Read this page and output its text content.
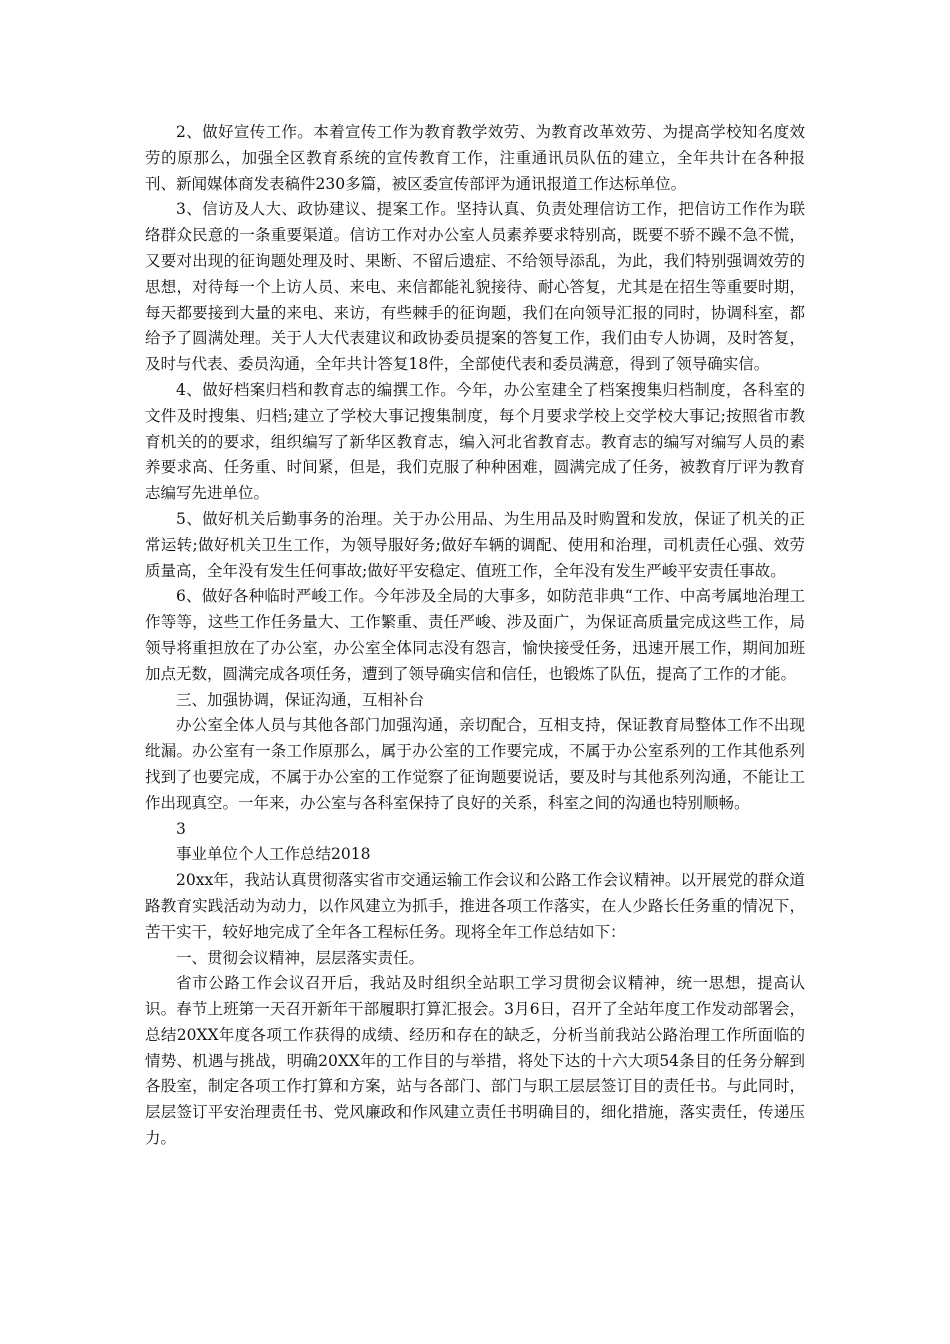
2、做好宣传工作。本着宣传工作为教育教学效劳、为教育改革效劳、为提高学校知名度效劳的原那么，加强全区教育系统的宣传教育工作，注重通讯员队伍的建立，全年共计在各种报刊、新闻媒体商发表稿件230多篇，被区委宣传部评为通讯报道工作达标单位。

3、信访及人大、政协建议、提案工作。坚持认真、负责处理信访工作，把信访工作作为联络群众民意的一条重要渠道。信访工作对办公室人员素养要求特别高，既要不骄不躁不急不慌，又要对出现的征询题处理及时、果断、不留后遗症、不给领导添乱，为此，我们特别强调效劳的思想，对待每一个上访人员、来电、来信都能礼貌接待、耐心答复，尤其是在招生等重要时期，每天都要接到大量的来电、来访，有些棘手的征询题，我们在向领导汇报的同时，协调科室，都给予了圆满处理。关于人大代表建议和政协委员提案的答复工作，我们由专人协调，及时答复，及时与代表、委员沟通，全年共计答复18件，全部使代表和委员满意，得到了领导确实信。

4、做好档案归档和教育志的编撰工作。今年，办公室建全了档案搜集归档制度，各科室的文件及时搜集、归档;建立了学校大事记搜集制度，每个月要求学校上交学校大事记;按照省市教育机关的的要求，组织编写了新华区教育志，编入河北省教育志。教育志的编写对编写人员的素养要求高、任务重、时间紧，但是，我们克服了种种困难，圆满完成了任务，被教育厅评为教育志编写先进单位。

5、做好机关后勤事务的治理。关于办公用品、为生用品及时购置和发放，保证了机关的正常运转;做好机关卫生工作，为领导服好务;做好车辆的调配、使用和治理，司机责任心强、效劳质量高，全年没有发生任何事故;做好平安稳定、值班工作，全年没有发生严峻平安责任事故。

6、做好各种临时严峻工作。今年涉及全局的大事多，如防范非典“工作、中高考属地治理工作等等，这些工作任务量大、工作繁重、责任严峻、涉及面广，为保证高质量完成这些工作，局领导将重担放在了办公室，办公室全体同志没有怨言，愉快接受任务，迅速开展工作，期间加班加点无数，圆满完成各项任务，遭到了领导确实信和信任，也锻炼了队伍，提高了工作的才能。

三、加强协调，保证沟通，互相补台

办公室全体人员与其他各部门加强沟通，亲切配合，互相支持，保证教育局整体工作不出现纰漏。办公室有一条工作原那么，属于办公室的工作要完成，不属于办公室系列的工作其他系列找到了也要完成，不属于办公室的工作觉察了征询题要说话，要及时与其他系列沟通，不能让工作出现真空。一年来，办公室与各科室保持了良好的关系，科室之间的沟通也特别顺畅。

3

事业单位个人工作总结2018

20xx年，我站认真贯彻落实省市交通运输工作会议和公路工作会议精神。以开展党的群众道路教育实践活动为动力，以作风建立为抓手，推进各项工作落实，在人少路长任务重的情况下，苦干实干，较好地完成了全年各工程标任务。现将全年工作总结如下：

一、贯彻会议精神，层层落实责任。

省市公路工作会议召开后，我站及时组织全站职工学习贯彻会议精神，统一思想，提高认识。春节上班第一天召开新年干部履职打算汇报会。3月6日，召开了全站年度工作发动部署会，总结20XX年度各项工作获得的成绩、经历和存在的缺乏，分析当前我站公路治理工作所面临的情势、机遇与挑战，明确20XX年的工作目的与举措，将处下达的十六大项54条目的任务分解到各股室，制定各项工作打算和方案，站与各部门、部门与职工层层签订目的责任书。与此同时，层层签订平安治理责任书、党风廉政和作风建立责任书明确目的，细化措施，落实责任，传递压力。
